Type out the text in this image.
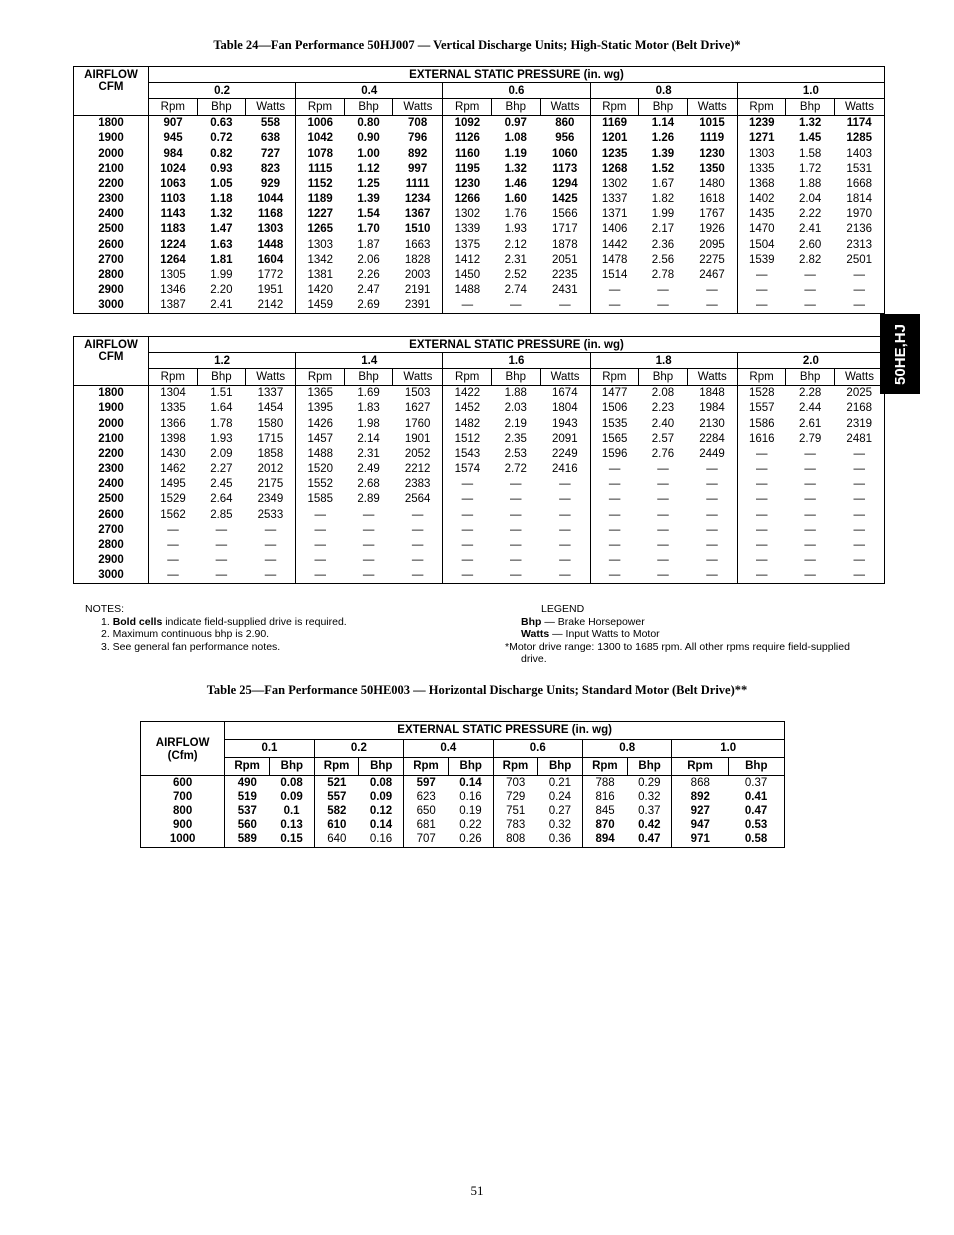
Table 24—Fan Performance 50HJ007 — Vertical Discharge Units; High-Static Motor (Belt Drive)*
AIRFLOW
CFM	EXTERNAL STATIC PRESSURE (in. wg)														
	0.2			0.4			0.6			0.8			1.0		
	Rpm	Bhp	Watts	Rpm	Bhp	Watts	Rpm	Bhp	Watts	Rpm	Bhp	Watts	Rpm	Bhp	Watts
1800	907	0.63	558	1006	0.80	708	1092	0.97	860	1169	1.14	1015	1239	1.32	1174
1900	945	0.72	638	1042	0.90	796	1126	1.08	956	1201	1.26	1119	1271	1.45	1285
2000	984	0.82	727	1078	1.00	892	1160	1.19	1060	1235	1.39	1230	1303	1.58	1403
2100	1024	0.93	823	1115	1.12	997	1195	1.32	1173	1268	1.52	1350	1335	1.72	1531
2200	1063	1.05	929	1152	1.25	1111	1230	1.46	1294	1302	1.67	1480	1368	1.88	1668
2300	1103	1.18	1044	1189	1.39	1234	1266	1.60	1425	1337	1.82	1618	1402	2.04	1814
2400	1143	1.32	1168	1227	1.54	1367	1302	1.76	1566	1371	1.99	1767	1435	2.22	1970
2500	1183	1.47	1303	1265	1.70	1510	1339	1.93	1717	1406	2.17	1926	1470	2.41	2136
2600	1224	1.63	1448	1303	1.87	1663	1375	2.12	1878	1442	2.36	2095	1504	2.60	2313
2700	1264	1.81	1604	1342	2.06	1828	1412	2.31	2051	1478	2.56	2275	1539	2.82	2501
2800	1305	1.99	1772	1381	2.26	2003	1450	2.52	2235	1514	2.78	2467	—	—	—
2900	1346	2.20	1951	1420	2.47	2191	1488	2.74	2431	—	—	—	—	—	—
3000	1387	2.41	2142	1459	2.69	2391	—	—	—	—	—	—	—	—	—
AIRFLOW
CFM	EXTERNAL STATIC PRESSURE (in. wg)														
	1.2			1.4			1.6			1.8			2.0		
	Rpm	Bhp	Watts	Rpm	Bhp	Watts	Rpm	Bhp	Watts	Rpm	Bhp	Watts	Rpm	Bhp	Watts
1800	1304	1.51	1337	1365	1.69	1503	1422	1.88	1674	1477	2.08	1848	1528	2.28	2025
1900	1335	1.64	1454	1395	1.83	1627	1452	2.03	1804	1506	2.23	1984	1557	2.44	2168
2000	1366	1.78	1580	1426	1.98	1760	1482	2.19	1943	1535	2.40	2130	1586	2.61	2319
2100	1398	1.93	1715	1457	2.14	1901	1512	2.35	2091	1565	2.57	2284	1616	2.79	2481
2200	1430	2.09	1858	1488	2.31	2052	1543	2.53	2249	1596	2.76	2449	—	—	—
2300	1462	2.27	2012	1520	2.49	2212	1574	2.72	2416	—	—	—	—	—	—
2400	1495	2.45	2175	1552	2.68	2383	—	—	—	—	—	—	—	—	—
2500	1529	2.64	2349	1585	2.89	2564	—	—	—	—	—	—	—	—	—
2600	1562	2.85	2533	—	—	—	—	—	—	—	—	—	—	—	—
2700	—	—	—	—	—	—	—	—	—	—	—	—	—	—	—
2800	—	—	—	—	—	—	—	—	—	—	—	—	—	—	—
2900	—	—	—	—	—	—	—	—	—	—	—	—	—	—	—
3000	—	—	—	—	—	—	—	—	—	—	—	—	—	—	—
NOTES:
1. Bold cells indicate field-supplied drive is required.
2. Maximum continuous bhp is 2.90.
3. See general fan performance notes.
LEGEND
Bhp — Brake Horsepower
Watts — Input Watts to Motor
*Motor drive range: 1300 to 1685 rpm. All other rpms require field-supplied
drive.
Table 25—Fan Performance 50HE003 — Horizontal Discharge Units; Standard Motor (Belt Drive)**
AIRFLOW
(Cfm)	EXTERNAL STATIC PRESSURE (in. wg)											
	0.1		0.2		0.4		0.6		0.8		1.0	
	Rpm	Bhp	Rpm	Bhp	Rpm	Bhp	Rpm	Bhp	Rpm	Bhp	Rpm	Bhp
600	490	0.08	521	0.08	597	0.14	703	0.21	788	0.29	868	0.37
700	519	0.09	557	0.09	623	0.16	729	0.24	816	0.32	892	0.41
800	537	0.1	582	0.12	650	0.19	751	0.27	845	0.37	927	0.47
900	560	0.13	610	0.14	681	0.22	783	0.32	870	0.42	947	0.53
1000	589	0.15	640	0.16	707	0.26	808	0.36	894	0.47	971	0.58
50HE,HJ
51
